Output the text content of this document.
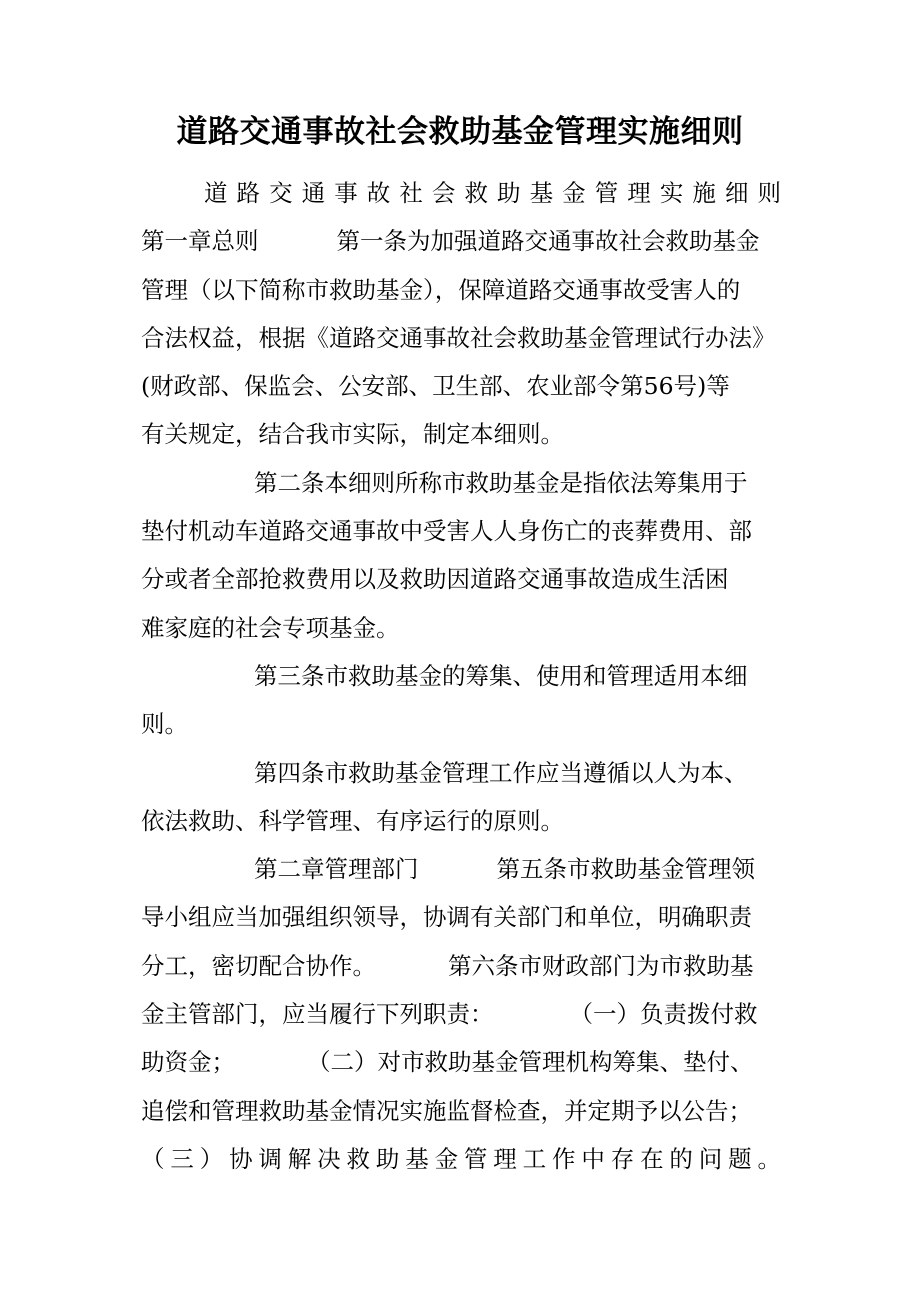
道路交通事故社会救助基金管理实施细则
道路交通事故社会救助基金管理实施细则
第一章总则	第一条为加强道路交通事故社会救助基金
管理（以下简称市救助基金），保障道路交通事故受害人的
合法权益，根据《道路交通事故社会救助基金管理试行办法》
(财政部、保监会、公安部、卫生部、农业部令第56号)等
有关规定，结合我市实际，制定本细则。
第二条本细则所称市救助基金是指依法筹集用于
垫付机动车道路交通事故中受害人人身伤亡的丧葬费用、部
分或者全部抢救费用以及救助因道路交通事故造成生活困
难家庭的社会专项基金。
第三条市救助基金的筹集、使用和管理适用本细
则。
第四条市救助基金管理工作应当遵循以人为本、
依法救助、科学管理、有序运行的原则。
第二章管理部门	第五条市救助基金管理领
导小组应当加强组织领导，协调有关部门和单位，明确职责
分工，密切配合协作。	第六条市财政部门为市救助基
金主管部门，应当履行下列职责：	（一）负责拨付救
助资金；	（二）对市救助基金管理机构筹集、垫付、
追偿和管理救助基金情况实施监督检查，并定期予以公告；
（三）协调解决救助基金管理工作中存在的问题。
